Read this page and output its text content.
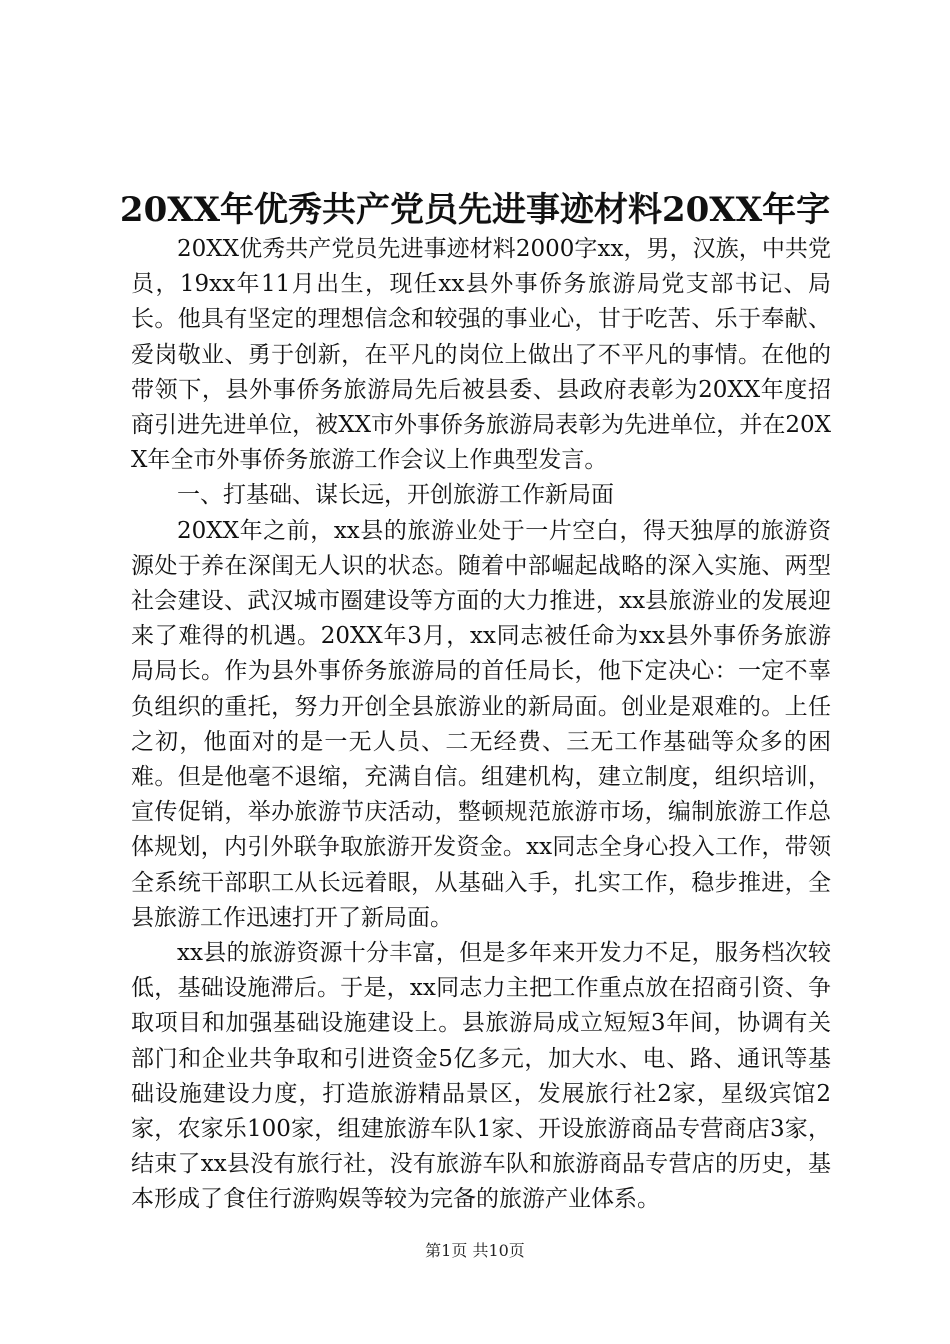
20XX年优秀共产党员先进事迹材料20XX年字

20XX优秀共产党员先进事迹材料2000字xx，男，汉族，中共党员，19xx年11月出生，现任xx县外事侨务旅游局党支部书记、局长。他具有坚定的理想信念和较强的事业心，甘于吃苦、乐于奉献、爱岗敬业、勇于创新，在平凡的岗位上做出了不平凡的事情。在他的带领下，县外事侨务旅游局先后被县委、县政府表彰为20XX年度招商引进先进单位，被XX市外事侨务旅游局表彰为先进单位，并在20XX年全市外事侨务旅游工作会议上作典型发言。

一、打基础、谋长远，开创旅游工作新局面

20XX年之前，xx县的旅游业处于一片空白，得天独厚的旅游资源处于养在深闺无人识的状态。随着中部崛起战略的深入实施、两型社会建设、武汉城市圈建设等方面的大力推进，xx县旅游业的发展迎来了难得的机遇。20XX年3月，xx同志被任命为xx县外事侨务旅游局局长。作为县外事侨务旅游局的首任局长，他下定决心：一定不辜负组织的重托，努力开创全县旅游业的新局面。创业是艰难的。上任之初，他面对的是一无人员、二无经费、三无工作基础等众多的困难。但是他毫不退缩，充满自信。组建机构，建立制度，组织培训，宣传促销，举办旅游节庆活动，整顿规范旅游市场，编制旅游工作总体规划，内引外联争取旅游开发资金。xx同志全身心投入工作，带领全系统干部职工从长远着眼，从基础入手，扎实工作，稳步推进，全县旅游工作迅速打开了新局面。

xx县的旅游资源十分丰富，但是多年来开发力不足，服务档次较低，基础设施滞后。于是，xx同志力主把工作重点放在招商引资、争取项目和加强基础设施建设上。县旅游局成立短短3年间，协调有关部门和企业共争取和引进资金5亿多元，加大水、电、路、通讯等基础设施建设力度，打造旅游精品景区，发展旅行社2家，星级宾馆2家，农家乐100家，组建旅游车队1家、开设旅游商品专营商店3家，结束了xx县没有旅行社，没有旅游车队和旅游商品专营店的历史，基本形成了食住行游购娱等较为完备的旅游产业体系。

第1页 共10页
